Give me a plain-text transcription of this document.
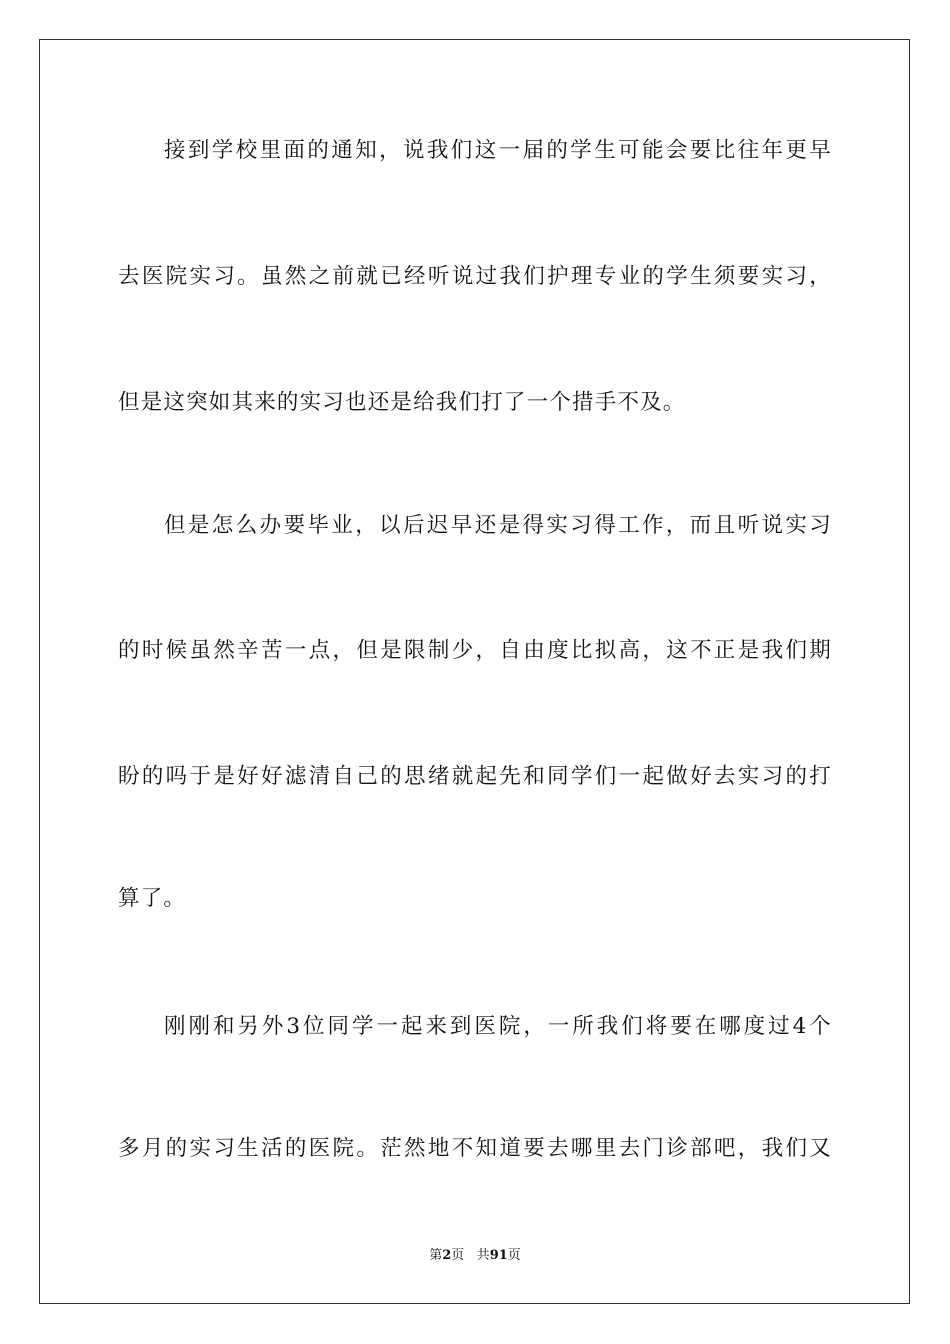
接到学校里面的通知，说我们这一届的学生可能会要比往年更早
去医院实习。虽然之前就已经听说过我们护理专业的学生须要实习，
但是这突如其来的实习也还是给我们打了一个措手不及。
但是怎么办要毕业，以后迟早还是得实习得工作，而且听说实习
的时候虽然辛苦一点，但是限制少，自由度比拟高，这不正是我们期
盼的吗于是好好滤清自己的思绪就起先和同学们一起做好去实习的打
算了。
刚刚和另外3位同学一起来到医院，一所我们将要在哪度过4个
多月的实习生活的医院。茫然地不知道要去哪里去门诊部吧，我们又
第2页 共91页
